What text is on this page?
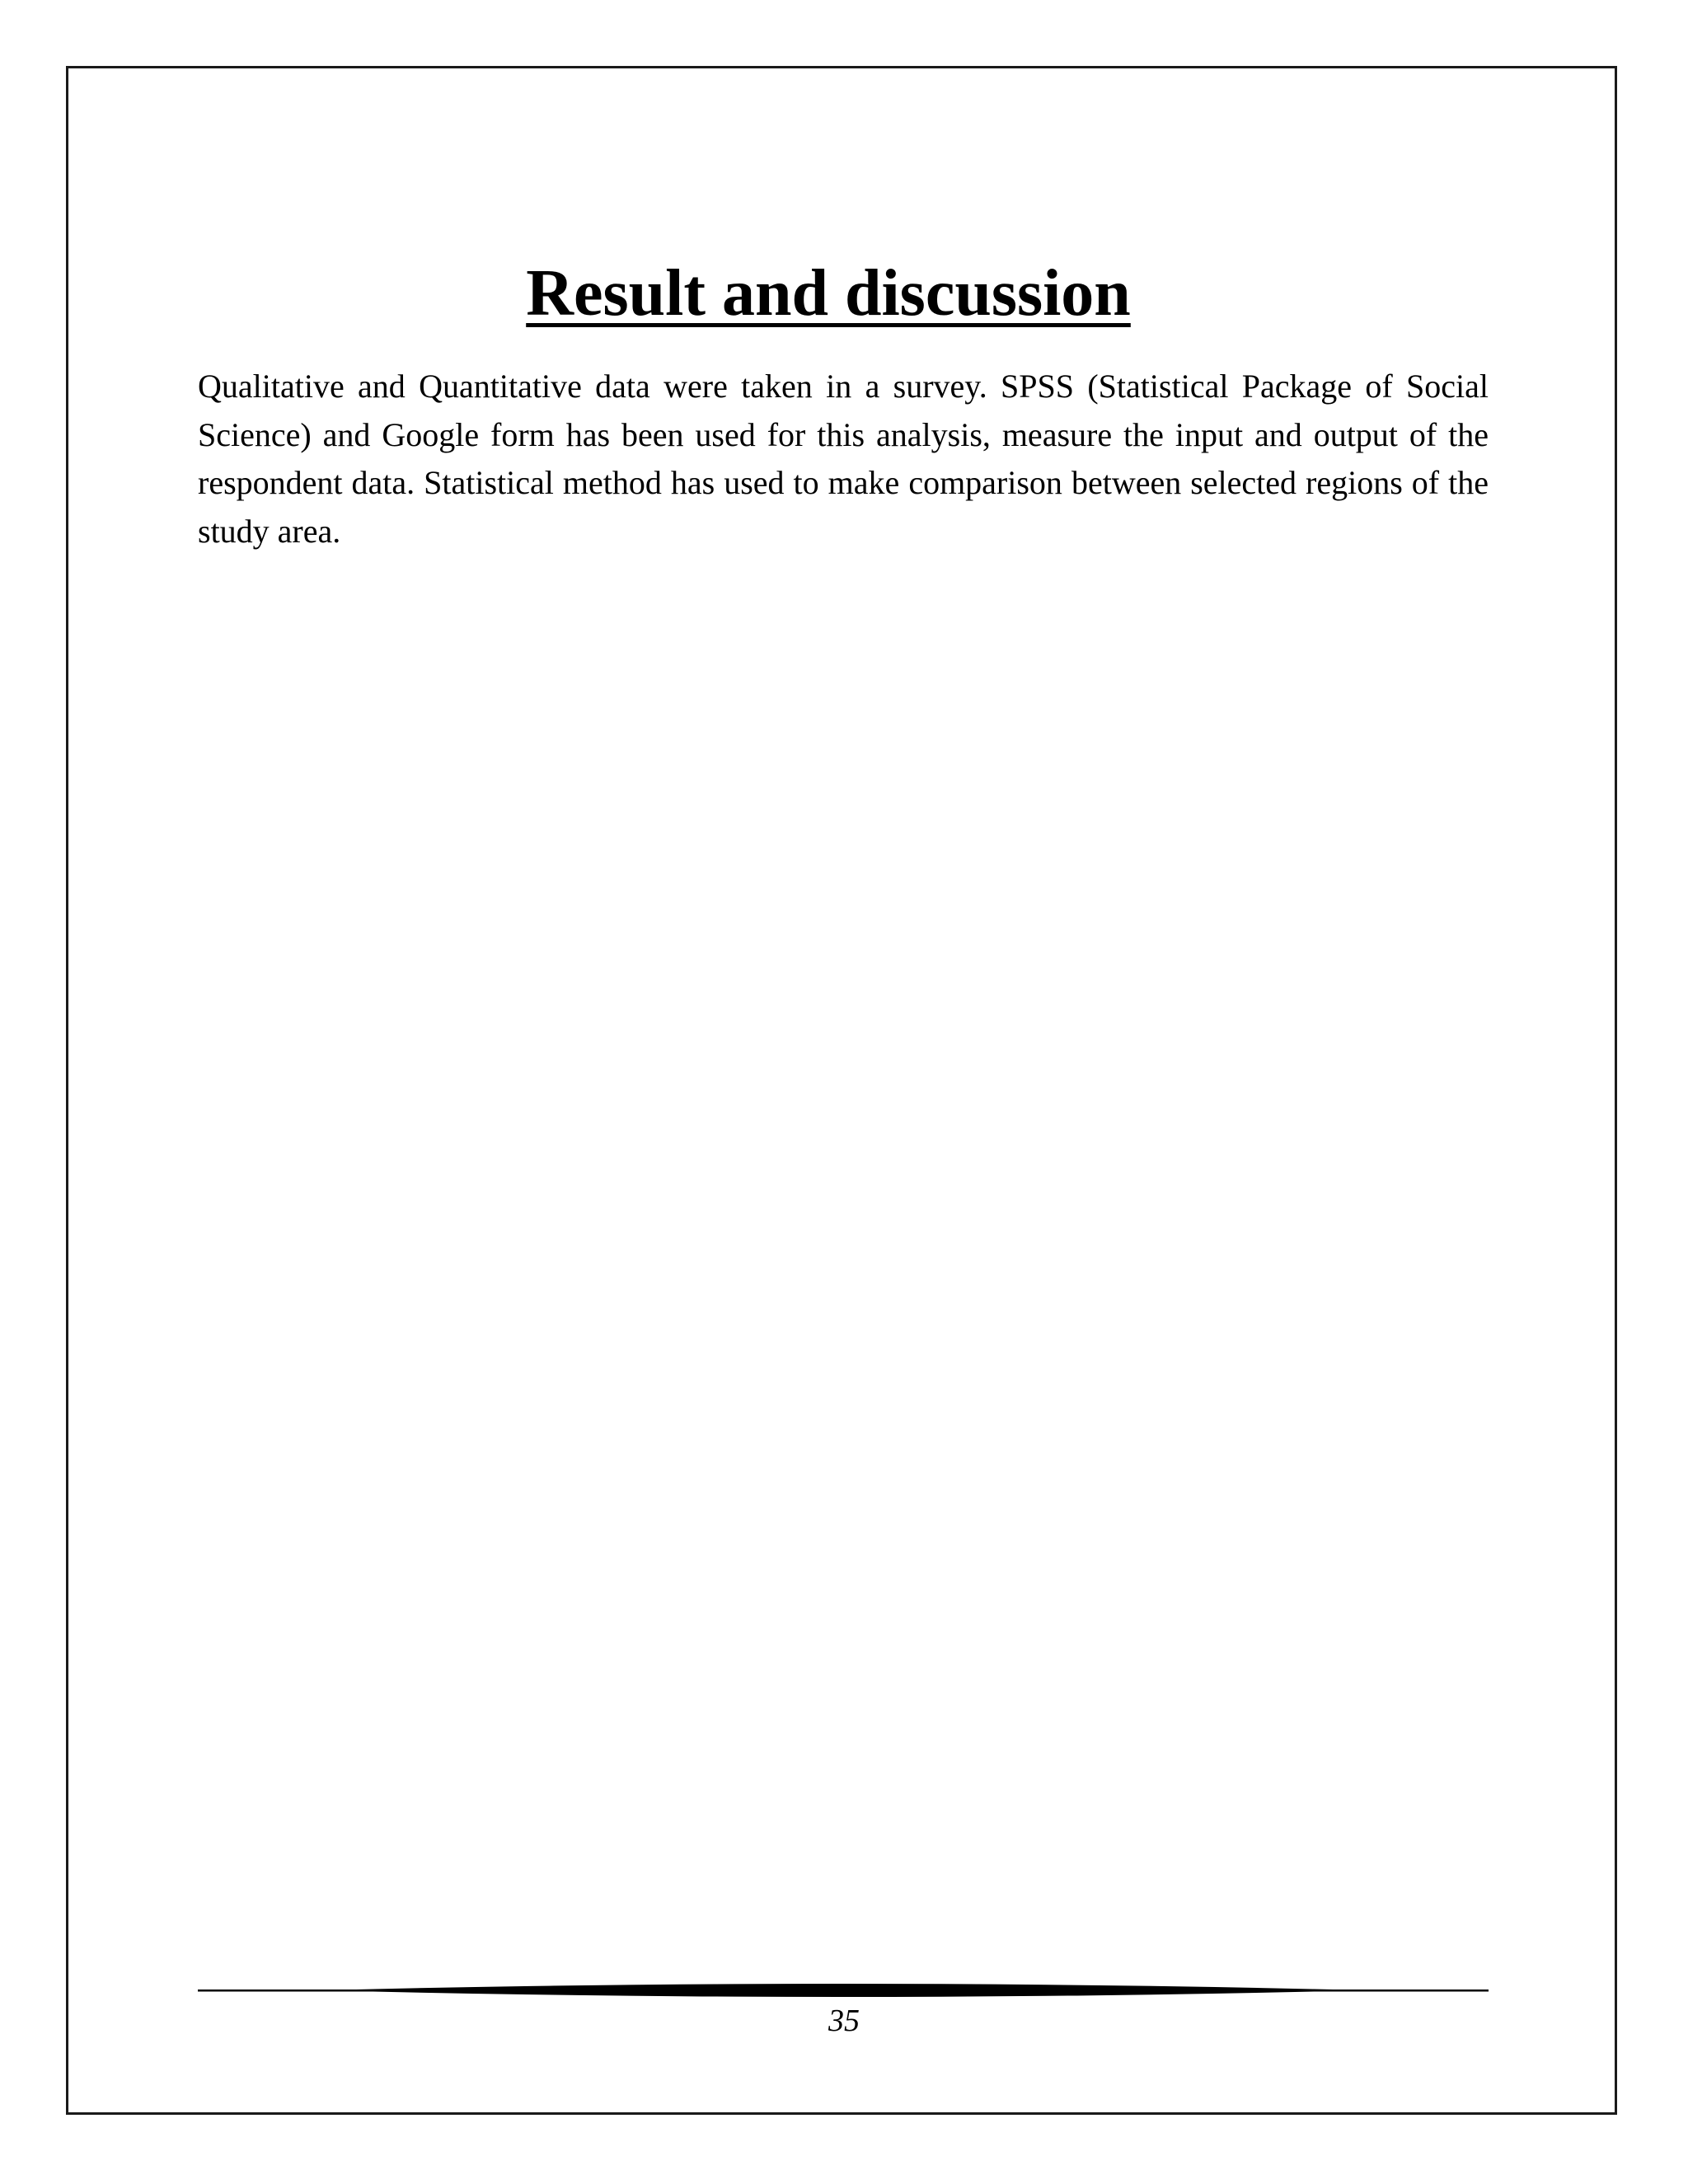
Result and discussion

Qualitative and Quantitative data were taken in a survey. SPSS (Statistical Package of Social Science) and Google form has been used for this analysis, measure the input and output of the respondent data. Statistical method has used to make comparison between selected regions of the study area.

35
